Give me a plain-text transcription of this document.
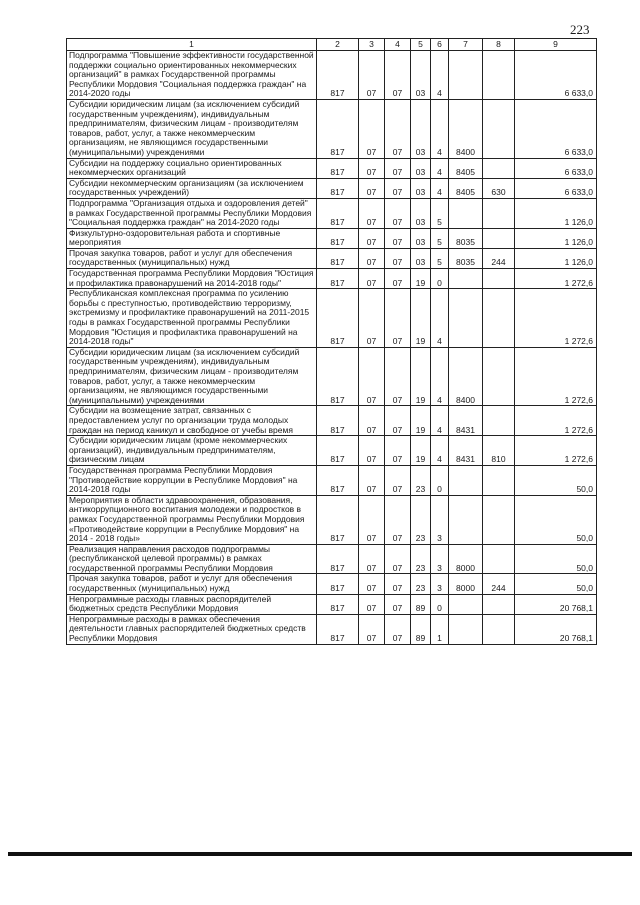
223
1	2	3	4	5	6	7	8	9
Подпрограмма "Повышение эффективности государственной поддержки социально ориентированных некоммерческих организаций" в рамках Государственной программы Республики Мордовия "Социальная поддержка граждан" на 2014-2020 годы	817	07	07	03	4			6 633,0
Субсидии юридическим лицам (за исключением субсидий государственным учреждениям), индивидуальным предпринимателям, физическим лицам - производителям товаров, работ, услуг, а также некоммерческим организациям, не являющимся государственными (муниципальными) учреждениями	817	07	07	03	4	8400		6 633,0
Субсидии на поддержку социально ориентированных некоммерческих организаций	817	07	07	03	4	8405		6 633,0
Субсидии некоммерческим организациям (за исключением государственных учреждений)	817	07	07	03	4	8405	630	6 633,0
Подпрограмма "Организация отдыха и оздоровления детей" в рамках Государственной программы Республики Мордовия "Социальная поддержка граждан" на 2014-2020 годы	817	07	07	03	5			1 126,0
Физкультурно-оздоровительная работа и спортивные мероприятия	817	07	07	03	5	8035		1 126,0
Прочая закупка товаров, работ и услуг для обеспечения государственных (муниципальных) нужд	817	07	07	03	5	8035	244	1 126,0
Государственная программа Республики Мордовия "Юстиция и профилактика правонарушений на 2014-2018 годы"	817	07	07	19	0			1 272,6
Республиканская комплексная программа по усилению борьбы с преступностью, противодействию терроризму, экстремизму и профилактике правонарушений на 2011-2015 годы в рамках Государственной программы Республики Мордовия "Юстиция и профилактика правонарушений на 2014-2018 годы"	817	07	07	19	4			1 272,6
Субсидии юридическим лицам (за исключением субсидий государственным учреждениям), индивидуальным предпринимателям, физическим лицам - производителям товаров, работ, услуг, а также некоммерческим организациям, не являющимся государственными (муниципальными) учреждениями	817	07	07	19	4	8400		1 272,6
Субсидии на возмещение затрат, связанных с предоставлением услуг по организации труда молодых граждан на период каникул и свободное от учебы время	817	07	07	19	4	8431		1 272,6
Субсидии юридическим лицам (кроме некоммерческих организаций), индивидуальным предпринимателям, физическим лицам	817	07	07	19	4	8431	810	1 272,6
Государственная программа Республики Мордовия "Противодействие коррупции в Республике Мордовия" на 2014-2018 годы	817	07	07	23	0			50,0
Мероприятия в области здравоохранения, образования, антикоррупционного воспитания молодежи и подростков в рамках Государственной программы Республики Мордовия «Противодействие коррупции в Республике Мордовия" на 2014 - 2018 годы»	817	07	07	23	3			50,0
Реализация направления расходов подпрограммы (республиканской целевой программы) в рамках государственной программы Республики Мордовия	817	07	07	23	3	8000		50,0
Прочая закупка товаров, работ и услуг для обеспечения государственных (муниципальных) нужд	817	07	07	23	3	8000	244	50,0
Непрограммные расходы главных распорядителей бюджетных средств Республики Мордовия	817	07	07	89	0			20 768,1
Непрограммные расходы в рамках обеспечения деятельности главных распорядителей бюджетных средств Республики Мордовия	817	07	07	89	1			20 768,1
